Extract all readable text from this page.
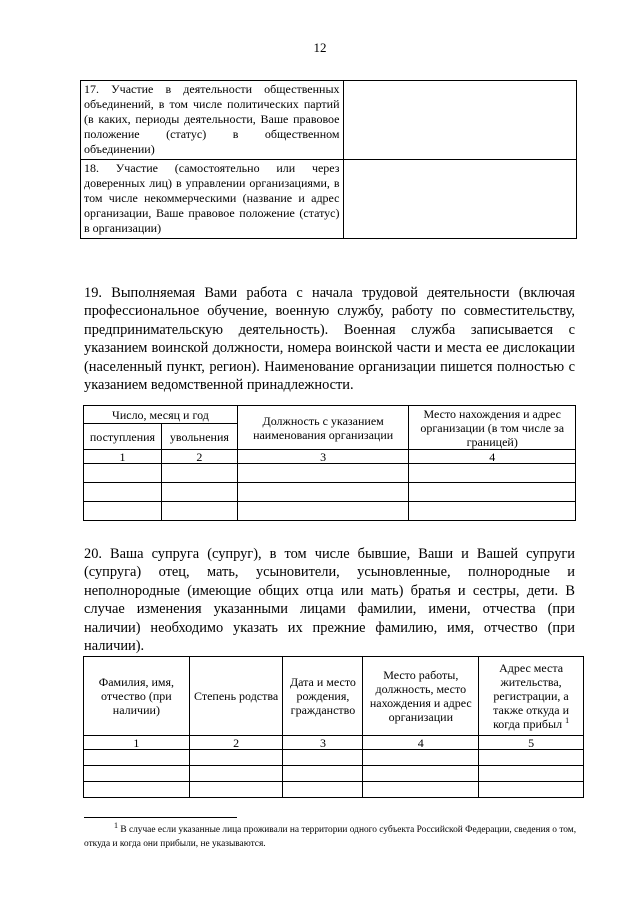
12
17. Участие в деятельности общественных объединений, в том числе политических партий (в каких, периоды деятельности, Ваше правовое положение (статус) в общественном объединении)	
18. Участие (самостоятельно или через доверенных лиц) в управлении организациями, в том числе некоммерческими (название и адрес организации, Ваше правовое положение (статус) в организации)	
19. Выполняемая Вами работа с начала трудовой деятельности (включая профессиональное обучение, военную службу, работу по совместительству, предпринимательскую деятельность). Военная служба записывается с указанием воинской должности, номера воинской части и места ее дислокации (населенный пункт, регион). Наименование организации пишется полностью с указанием ведомственной принадлежности.
Число, месяц и год		Должность с указанием наименования организации	Место нахождения и адрес организации (в том числе за границей)
поступления	увольнения		
1	2	3	4

20. Ваша супруга (супруг), в том числе бывшие, Ваши и Вашей супруги (супруга) отец, мать, усыновители, усыновленные, полнородные и неполнородные (имеющие общих отца или мать) братья и сестры, дети. В случае изменения указанными лицами фамилии, имени, отчества (при наличии) необходимо указать их прежние фамилию, имя, отчество (при наличии).
Фамилия, имя, отчество (при наличии)	Степень родства	Дата и место рождения, гражданство	Место работы, должность, место нахождения и адрес организации	Адрес места жительства, регистрации, а также откуда и когда прибыл $^1$
1	2	3	4	5

$^1$ В случае если указанные лица проживали на территории одного субъекта Российской Федерации, сведения о том, откуда и когда они прибыли, не указываются.
